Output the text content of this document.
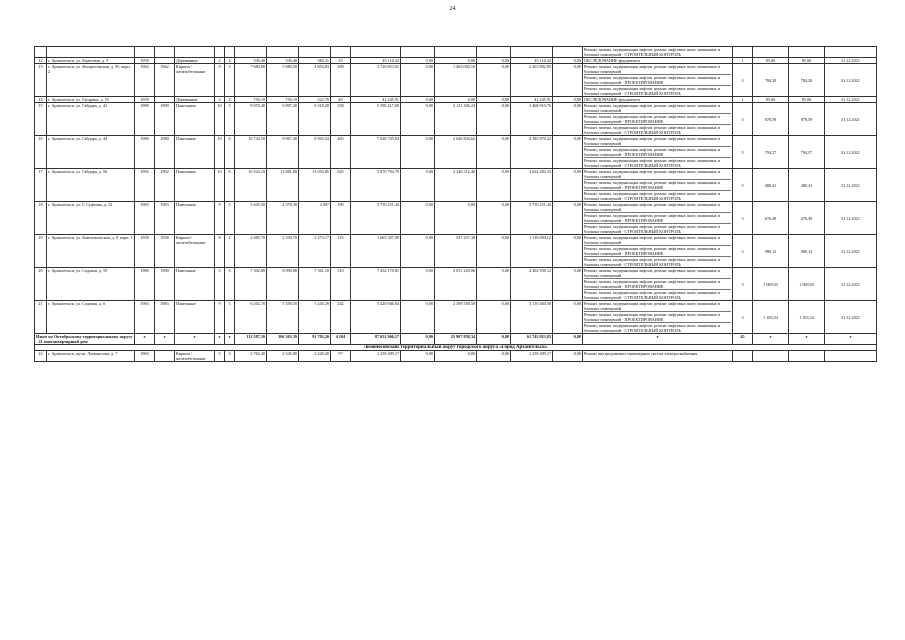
24

																	Ремонт, замена, модернизация лифтов, ремонт лифтовых шахт, машинных и блочных помещений - СТРОИТЕЛЬНЫЙ КОНТРОЛЬ				

12	г. Архангельск, ул. Береговая, д. 5	1959		Деревянные	2	2	530,40	530,40	384,31	25	45 116,42	0,00	0,00	0,00	45 116,42	0,00	ОБСЛЕДОВАНИЕ фундамента	1	85,06	85,06	31.12.2021
13	г. Архангельск, ул. Воскресенская, д. 95, корп. 2	1962	1962	Кирпич / железобетонные	9	3	7 680,80	5 680,50	4 854,83	309	3 726 853,01	0,00	1 463 050,16	0,00	2 263 802,85	0,00	Ремонт, замена, модернизация лифтов, ремонт лифтовых шахт, машинных и блочных помещений
Ремонт, замена, модернизация лифтов, ремонт лифтовых шахт, машинных и блочных помещений - ПРОЕКТИРОВАНИЕ
Ремонт, замена, модернизация лифтов, ремонт лифтовых шахт, машинных и блочных помещений - СТРОИТЕЛЬНЫЙ КОНТРОЛЬ	3	784,20	784,20	31.12.2021
14	г. Архангельск, ул. Гагарина, д. 55	1959		Деревянные	2	2	756,10	756,10	522,76	40	41 245,91	0,00	0,00	0,00	41 245,91	0,00	ОБСЛЕДОВАНИЕ фундамента	1	85,06	85,06	31.12.2021
15	г. Архангельск, ул. Гайдара, д. 42	1989	1989	Панельные	10	5	8 070,40	6 897,20	6 318,28	338	5 590 217,00	0,00	2 121 306,24	0,00	3 468 910,76	0,00	Ремонт, замена, модернизация лифтов, ремонт лифтовых шахт, машинных и блочных помещений
Ремонт, замена, модернизация лифтов, ремонт лифтовых шахт, машинных и блочных помещений - ПРОЕКТИРОВАНИЕ
Ремонт, замена, модернизация лифтов, ремонт лифтовых шахт, машинных и блочных помещений - СТРОИТЕЛЬНЫЙ КОНТРОЛЬ	3	878,59	878,59	31.12.2021
16	г. Архангельск, ул. Гайдара, д. 44	1980	1980	Панельные	10	6	10 744,50	9 067,40	8 503,34	465	7 026 705,84	0,00	2 640 834,62	0,00	4 385 870,22	0,00	Ремонт, замена, модернизация лифтов, ремонт лифтовых шахт, машинных и блочных помещений
Ремонт, замена, модернизация лифтов, ремонт лифтовых шахт, машинных и блочных помещений - ПРОЕКТИРОВАНИЕ
Ремонт, замена, модернизация лифтов, ремонт лифтовых шахт, машинных и блочных помещений - СТРОИТЕЛЬНЫЙ КОНТРОЛЬ	5	794,57	794,57	31.12.2021
17	г. Архангельск, ул. Гайдара, д. 56	1992	1992	Панельные	10	6	16 524,10	13 881,80	13 054,85	625	5 870 794,79	0,00	2 246 512,46	0,00	3 624 282,33	0,00	Ремонт, замена, модернизация лифтов, ремонт лифтовых шахт, машинных и блочных помещений
Ремонт, замена, модернизация лифтов, ремонт лифтовых шахт, машинных и блочных помещений - ПРОЕКТИРОВАНИЕ
Ремонт, замена, модернизация лифтов, ремонт лифтовых шахт, машинных и блочных помещений - СТРОИТЕЛЬНЫЙ КОНТРОЛЬ	5	480,41	480,41	31.12.2021
18	г. Архангельск, ул. Г. Суфтина, д. 32	1983	1983	Панельные	9	3	5 645,50	4 378,30	4 097	190	3 750 251,44	0,00	0,00	0,00	3 750 251,44	0,00	Ремонт, замена, модернизация лифтов, ремонт лифтовых шахт, машинных и блочных помещений
Ремонт, замена, модернизация лифтов, ремонт лифтовых шахт, машинных и блочных помещений - ПРОЕКТИРОВАНИЕ
Ремонт, замена, модернизация лифтов, ремонт лифтовых шахт, машинных и блочных помещений - СТРОИТЕЛЬНЫЙ КОНТРОЛЬ	3	676,49	676,49	31.12.2021
19	г. Архангельск, ул. Комсомольская, д. 9, корп. 1	1958	1958	Кирпич / железобетонные	8	1	2 685,70	2 330,70	2 273,17	125	1 663 307,99	0,00	547 257,38	0,00	1 116 050,12	0,00	Ремонт, замена, модернизация лифтов, ремонт лифтовых шахт, машинных и блочных помещений
Ремонт, замена, модернизация лифтов, ремонт лифтовых шахт, машинных и блочных помещений - ПРОЕКТИРОВАНИЕ
Ремонт, замена, модернизация лифтов, ремонт лифтовых шахт, машинных и блочных помещений - СТРОИТЕЛЬНЫЙ КОНТРОЛЬ	3	980,12	980,12	31.12.2021
20	г. Архангельск, ул. Садовая, д. 59	1980	1980	Панельные	5	4	7 502,80	8 090,80	7 561,10	310	7 454 178,81	0,00	3 051 220,06	0,00	4 402 958,12	0,00	Ремонт, замена, модернизация лифтов, ремонт лифтовых шахт, машинных и блочных помещений
Ремонт, замена, модернизация лифтов, ремонт лифтовых шахт, машинных и блочных помещений - ПРОЕКТИРОВАНИЕ
Ремонт, замена, модернизация лифтов, ремонт лифтовых шахт, машинных и блочных помещений - СТРОИТЕЛЬНЫЙ КОНТРОЛЬ	3	1 069,03	1 069,03	31.12.2021
21	г. Архангельск, ул. Садовая, д. 6	1983	1983	Панельные	9	3	6 202,70	5 558,50	5 240,29	242	5 420 946,04	0,00	2 309 558,50	0,00	3 110 484,58	0,00	Ремонт, замена, модернизация лифтов, ремонт лифтовых шахт, машинных и блочных помещений
Ремонт, замена, модернизация лифтов, ремонт лифтовых шахт, машинных и блочных помещений - ПРОЕКТИРОВАНИЕ
Ремонт, замена, модернизация лифтов, ремонт лифтовых шахт, машинных и блочных помещений - СТРОИТЕЛЬНЫЙ КОНТРОЛЬ	3	1 183,34	1 183,34	31.12.2021
Итого по Октябрьскому территориальному округу - 21 многоквартирный дом:		x	x	x	x	x	112 587,30	106 363,39	91 703,20	4 104	87 652 966,17	0,00	25 907 058,34	0,00	61 745 923,83	0,00	x	45	x	x	x
Ломоносовский территориальный округ городского округа «Город Архангельск»																					
22	г. Архангельск, пр-кт. Ломоносова, д. 7	1965		Кирпич / железобетонные	5	3	2 762,40	2 545,80	2 220,20	97	1 258 409,17	0,00	0,00	0,00	1 258 409,17	0,00	Ремонт внутридомовых инженерных систем электроснабжения				
